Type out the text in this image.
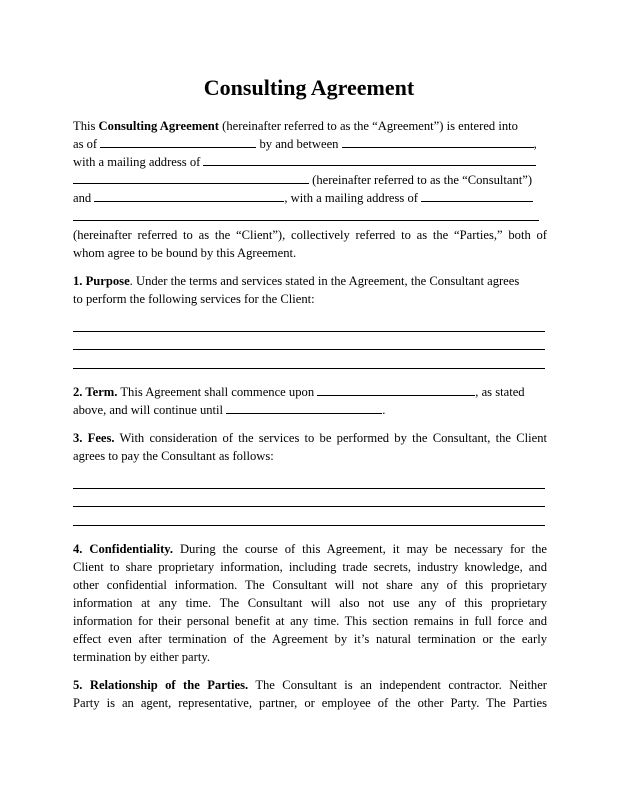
Consulting Agreement
This Consulting Agreement (hereinafter referred to as the “Agreement”) is entered into
as of	by and between	,
with a mailing address of
(hereinafter referred to as the “Consultant”)
and	, with a mailing address of
(hereinafter referred to as the “Client”), collectively referred to as the “Parties,” both of
whom agree to be bound by this Agreement.
1. Purpose. Under the terms and services stated in the Agreement, the Consultant agrees
to perform the following services for the Client:
2. Term. This Agreement shall commence upon	, as stated
above, and will continue until	.
3. Fees. With consideration of the services to be performed by the Consultant, the Client
agrees to pay the Consultant as follows:
4. Confidentiality. During the course of this Agreement, it may be necessary for the
Client to share proprietary information, including trade secrets, industry knowledge, and
other confidential information. The Consultant will not share any of this proprietary
information at any time. The Consultant will also not use any of this proprietary
information for their personal benefit at any time. This section remains in full force and
effect even after termination of the Agreement by it’s natural termination or the early
termination by either party.
5. Relationship of the Parties. The Consultant is an independent contractor. Neither
Party is an agent, representative, partner, or employee of the other Party. The Parties
